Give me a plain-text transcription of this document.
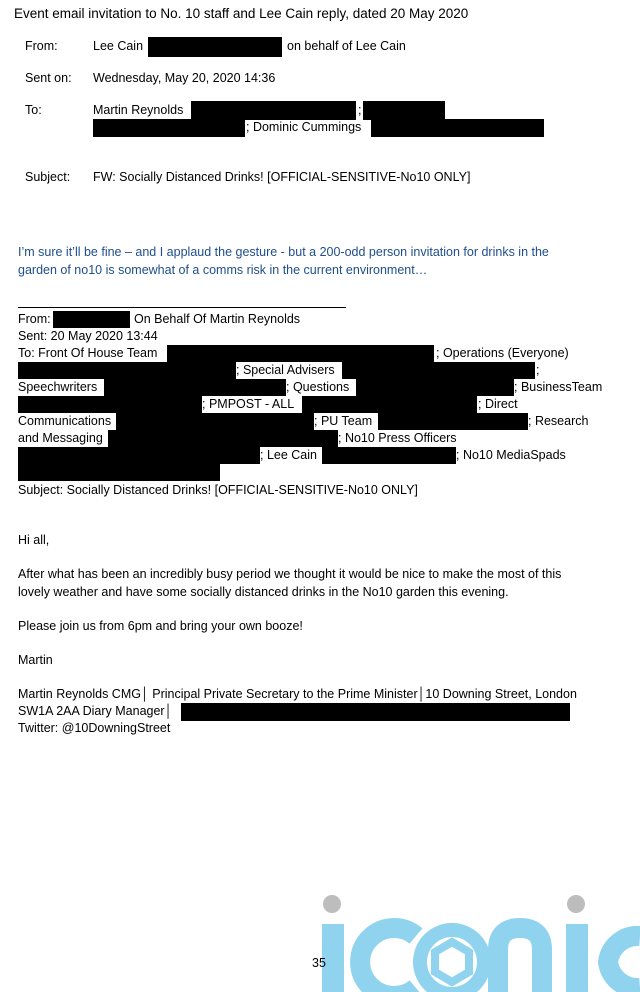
Event email invitation to No. 10 staff and Lee Cain reply, dated 20 May 2020
From:	Lee Cain	on behalf of Lee Cain
Sent on: Wednesday, May 20, 2020 14:36
To:	Martin Reynolds	;
; Dominic Cummings
Subject: FW: Socially Distanced Drinks! [OFFICIAL-SENSITIVE-No10 ONLY]
I’m sure it’ll be fine – and I applaud the gesture - but a 200-odd person invitation for drinks in the
garden of no10 is somewhat of a comms risk in the current environment…
From:	On Behalf Of Martin Reynolds
Sent: 20 May 2020 13:44
To: Front Of House Team	; Operations (Everyone)
; Special Advisers	;
Speechwriters	; Questions	; BusinessTeam
; PMPOST - ALL	; Direct
Communications	; PU Team	; Research
and Messaging	; No10 Press Officers
; Lee Cain	; No10 MediaSpads
Subject: Socially Distanced Drinks! [OFFICIAL-SENSITIVE-No10 ONLY]
Hi all,
After what has been an incredibly busy period we thought it would be nice to make the most of this
lovely weather and have some socially distanced drinks in the No10 garden this evening.
Please join us from 6pm and bring your own booze!
Martin
Martin Reynolds CMG│ Principal Private Secretary to the Prime Minister│10 Downing Street, London
SW1A 2AA Diary Manager│
Twitter: @10DowningStreet
35
